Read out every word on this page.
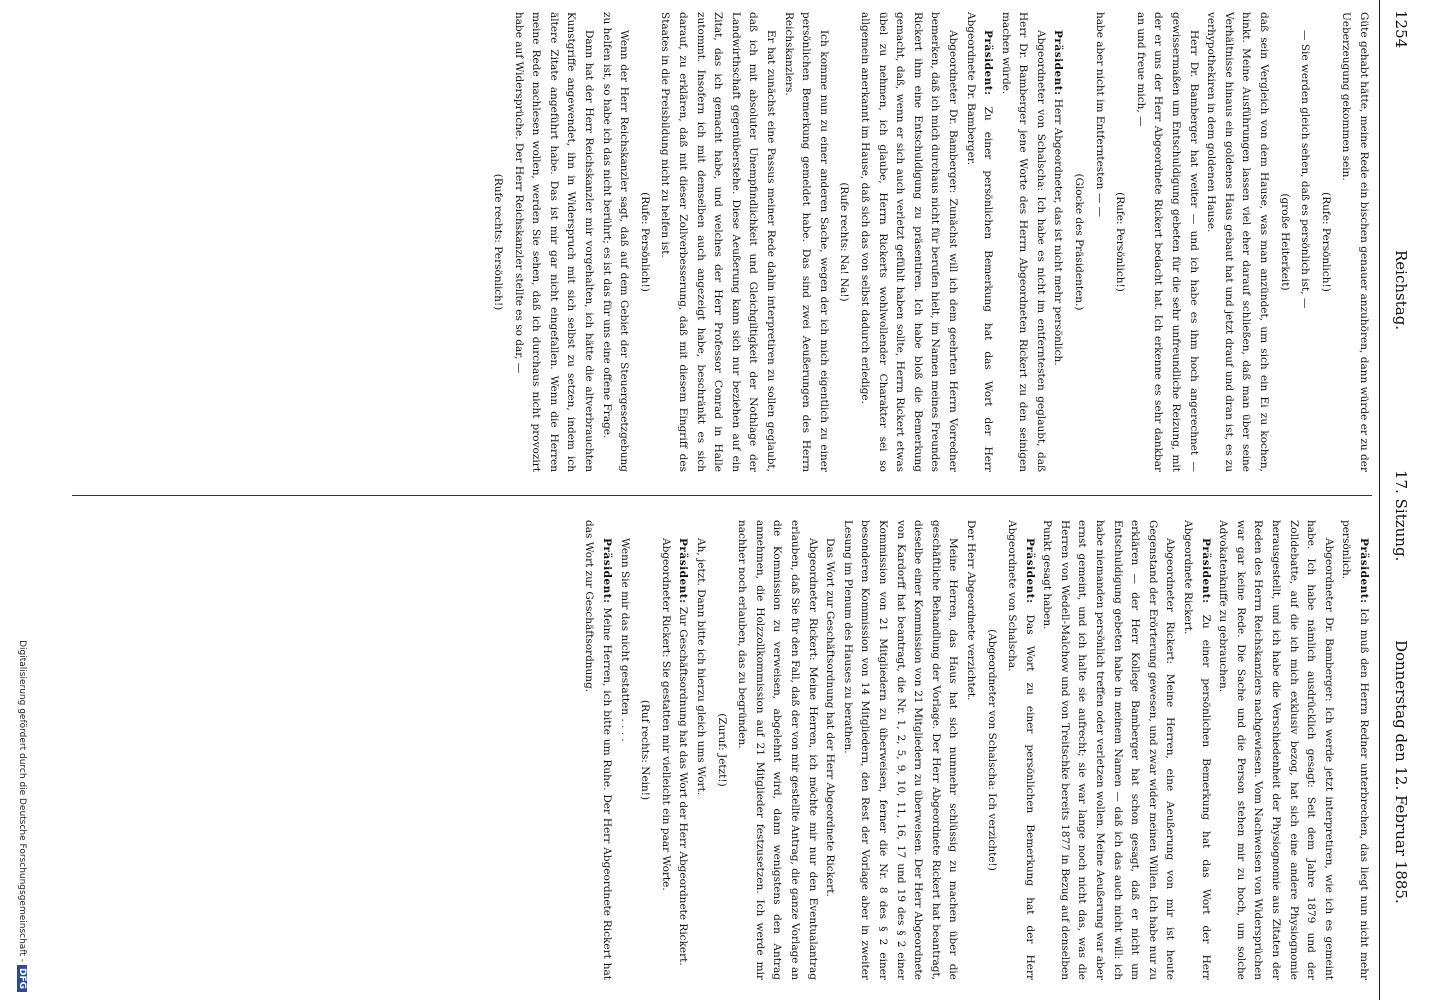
1254
Reichstag.
17. Sitzung.
Donnerstag den 12. Februar 1885.

Güte gehabt hätte, meine Rede ein bischen genauer anzuhören, dann würde er zu der Ueberzeugung gekommen sein.

(Rufe: Persönlich!)

— Sie werden gleich sehen, daß es persönlich ist, —

(große Heiterkeit)

daß sein Vergleich von dem Hause, was man anzündet, um sich ein Ei zu kochen, hinkt. Meine Ausführungen lassen viel eher darauf schließen, daß man über seine Verhältnisse hinaus ein goldenes Haus gebaut hat und jetzt drauf und dran ist, es zu verhypothekiren in dem goldenen Hause.

Herr Dr. Bamberger hat weiter — und ich habe es ihm hoch angerechnet — gewissermaßen um Entschuldigung gebeten für die sehr unfreundliche Reizung, mit der er uns der Herr Abgeordnete Rickert bedacht hat. Ich erkenne es sehr dankbar an und freue mich, —

(Rufe: Persönlich!)

habe aber nicht im Entferntesten — —

(Glocke des Präsidenten.)

Präsident: Herr Abgeordneter, das ist nicht mehr persönlich.

Abgeordneter von Schalscha: Ich habe es nicht im entferntesten geglaubt, daß Herr Dr. Bamberger jene Worte des Herrn Abgeordneten Rickert zu den seinigen machen würde.

Präsident: Zu einer persönlichen Bemerkung hat das Wort der Herr Abgeordnete Dr. Bamberger.

Abgeordneter Dr. Bamberger: Zunächst will ich dem geehrten Herrn Vorredner bemerken, daß ich mich durchaus nicht für berufen hielt, im Namen meines Freundes Rickert ihm eine Entschuldigung zu präsentiren. Ich habe bloß die Bemerkung gemacht, daß, wenn er sich auch verletzt gefühlt haben sollte, Herrn Rickert etwas übel zu nehmen, ich glaube, Herrn Rickerts wohlwollender Charakter sei so allgemein anerkannt im Hause, daß sich das von selbst dadurch erledige.

(Rufe rechts: Na! Na!)

Ich komme nun zu einer anderen Sache, wegen der ich mich eigentlich zu einer persönlichen Bemerkung gemeldet habe. Das sind zwei Aeußerungen des Herrn Reichskanzlers.

Er hat zunächst eine Passus meiner Rede dahin interpretiren zu sollen geglaubt, daß ich mit absoluter Unempfindlichkeit und Gleichgiltigkeit der Nothlage der Landwirthschaft gegenüberstehe. Diese Aeußerung kann sich nur beziehen auf ein Zitat, das ich gemacht habe, und welches der Herr Professor Conrad in Halle zutommt. Insofern ich mit demselben auch angezeigt habe, beschränkt es sich darauf, zu erklären, daß mit dieser Zollverbesserung, daß mit diesem Eingriff des Staates in die Preisbildung nicht zu helfen ist.

(Rufe: Persönlich!)

Wenn der Herr Reichskanzler sagt, daß auf dem Gebiet der Steuergesetzgebung zu helfen ist, so habe ich das nicht berührt; es ist das für uns eine offene Frage.

Dann hat der Herr Reichskanzler mir vorgehalten, ich hätte die altverbrauchten Kunstgriffe angewendet, ihn in Widerspruch mit sich selbst zu setzen, indem ich ältere Zitate angeführt habe. Das ist mir gar nicht eingefallen. Wenn die Herren meine Rede nachlesen wollen, werden Sie sehen, daß ich durchaus nicht provozirt habe auf Widersprüche. Der Herr Reichskanzler stellte es so dar, —

(Rufe rechts: Persönlich!)

Präsident: Ich muß den Herrn Redner unterbrechen, das liegt nun nicht mehr persönlich.

Abgeordneter Dr. Bamberger: Ich werde jetzt interpretiren, wie ich es gemeint habe. Ich habe nämlich ausdrücklich gesagt: Seit dem Jahre 1879 und der Zolldebatte, auf die ich mich exklusiv bezog, hat sich eine andere Physiognomie herausgestellt, und ich habe die Verschiedenheit der Physiognomie aus Zitaten der Reden des Herrn Reichskanzlers nachgewiesen. Vom Nachweisen von Widersprüchen war gar keine Rede. Die Sache und die Person stehen mir zu hoch, um solche Advokatenkniffe zu gebrauchen.

Präsident: Zu einer persönlichen Bemerkung hat das Wort der Herr Abgeordnete Rickert.

Abgeordneter Rickert: Meine Herren, eine Aeußerung von mir ist heute Gegenstand der Erörterung gewesen, und zwar wider meinen Willen. Ich habe nur zu erklären — der Herr Kollege Bamberger hat schon gesagt, daß er nicht um Entschuldigung gebeten habe in meinem Namen — daß ich das auch nicht will: ich habe niemanden persönlich treffen oder verletzen wollen. Meine Aeußerung war aber ernst gemeint, und ich halte sie aufrecht; sie war lange noch nicht das, was die Herren von Wedell-Malchow und von Treitschke bereits 1877 in Bezug auf denselben Punkt gesagt haben.

Präsident: Das Wort zu einer persönlichen Bemerkung hat der Herr Abgeordnete von Schalscha.

(Abgeordneter von Schalscha: Ich verzichte!)

Der Herr Abgeordnete verzichtet.

Meine Herren, das Haus hat sich nunmehr schlüssig zu machen über die geschäftliche Behandlung der Vorlage. Der Herr Abgeordnete Rickert hat beantragt, dieselbe einer Kommission von 21 Mitgliedern zu überweisen. Der Herr Abgeordnete von Kardorff hat beantragt, die Nr. 1, 2, 5, 9, 10, 11, 16, 17 und 19 des § 2 einer Kommission von 21 Mitgliedern zu überweisen, ferner die Nr. 8 des § 2 einer besonderen Kommission von 14 Mitgliedern, den Rest der Vorlage aber in zweiter Lesung im Plenum des Hauses zu berathen.

Das Wort zur Geschäftsordnung hat der Herr Abgeordnete Rickert.

Abgeordneter Rickert: Meine Herren, ich möchte mir nur den Eventualantrag erlauben, daß Sie für den Fall, daß der von mir gestellte Antrag, die ganze Vorlage an die Kommission zu verweisen, abgelehnt wird, dann wenigstens den Antrag annehmen, die Holzzollkommission auf 21 Mitglieder festzusetzen. Ich werde mir nachher noch erlauben, das zu begründen.

(Zuruf: Jetzt!)

Ah, jetzt. Dann bitte ich hierzu gleich ums Wort.

Präsident: Zur Geschäftsordnung hat das Wort der Herr Abgeordnete Rickert.

Abgeordneter Rickert: Sie gestatten mir vielleicht ein paar Worte.

(Ruf rechts: Nein!)

Wenn Sie mir das nicht gestatten . . . .

Präsident: Meine Herren, ich bitte um Ruhe. Der Herr Abgeordnete Rickert hat das Wort zur Geschäftsordnung.

Digitalisierung gefördert durch die Deutsche Forschungsgemeinschaft -DFG
